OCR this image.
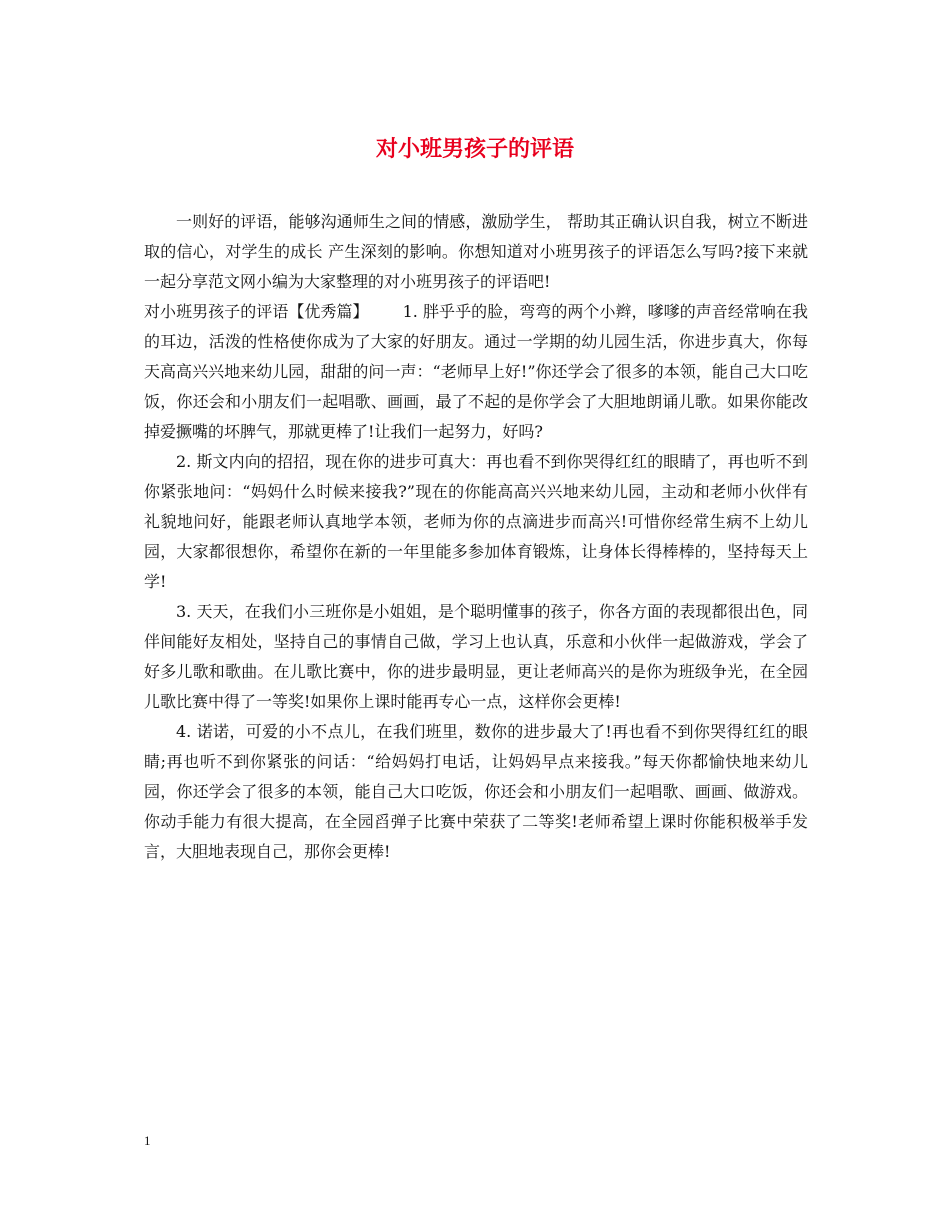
对小班男孩子的评语

一则好的评语，能够沟通师生之间的情感，激励学生， 帮助其正确认识自我，树立不断进取的信心，对学生的成长 产生深刻的影响。你想知道对小班男孩子的评语怎么写吗?接下来就一起分享范文网小编为大家整理的对小班男孩子的评语吧!

对小班男孩子的评语【优秀篇】 1. 胖乎乎的脸，弯弯的两个小辫，嗲嗲的声音经常响在我的耳边，活泼的性格使你成为了大家的好朋友。通过一学期的幼儿园生活，你进步真大，你每天高高兴兴地来幼儿园，甜甜的问一声：“老师早上好!”你还学会了很多的本领，能自己大口吃饭，你还会和小朋友们一起唱歌、画画，最了不起的是你学会了大胆地朗诵儿歌。如果你能改掉爱撅嘴的坏脾气，那就更棒了!让我们一起努力，好吗?

2. 斯文内向的招招，现在你的进步可真大：再也看不到你哭得红红的眼睛了，再也听不到你紧张地问：“妈妈什么时候来接我?”现在的你能高高兴兴地来幼儿园，主动和老师小伙伴有礼貌地问好，能跟老师认真地学本领，老师为你的点滴进步而高兴!可惜你经常生病不上幼儿园，大家都很想你，希望你在新的一年里能多参加体育锻炼，让身体长得棒棒的，坚持每天上学!

3. 天天，在我们小三班你是小姐姐，是个聪明懂事的孩子，你各方面的表现都很出色，同伴间能好友相处，坚持自己的事情自己做，学习上也认真，乐意和小伙伴一起做游戏，学会了好多儿歌和歌曲。在儿歌比赛中，你的进步最明显，更让老师高兴的是你为班级争光，在全园儿歌比赛中得了一等奖!如果你上课时能再专心一点，这样你会更棒!

4. 诺诺，可爱的小不点儿，在我们班里，数你的进步最大了!再也看不到你哭得红红的眼睛;再也听不到你紧张的问话：“给妈妈打电话，让妈妈早点来接我。”每天你都愉快地来幼儿园，你还学会了很多的本领，能自己大口吃饭，你还会和小朋友们一起唱歌、画画、做游戏。你动手能力有很大提高，在全园舀弹子比赛中荣获了二等奖!老师希望上课时你能积极举手发言，大胆地表现自己，那你会更棒!

1
